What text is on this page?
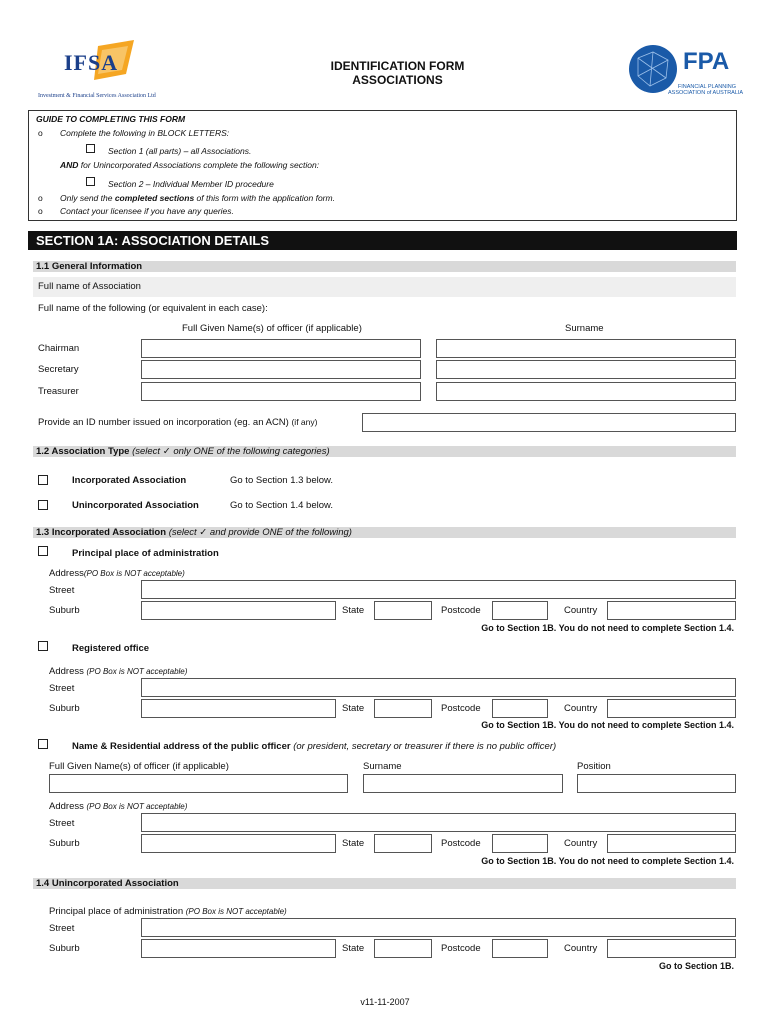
IFSA
Investment & Financial Services Association Ltd
IDENTIFICATION FORM
ASSOCIATIONS
FPA
FINANCIAL PLANNING
ASSOCIATION of AUSTRALIA
GUIDE TO COMPLETING THIS FORM
o Complete the following in BLOCK LETTERS:
Section 1 (all parts) – all Associations.
AND for Unincorporated Associations complete the following section:
Section 2 – Individual Member ID procedure
o Only send the completed sections of this form with the application form.
o Contact your licensee if you have any queries.
SECTION 1A: ASSOCIATION DETAILS
1.1 General Information
Full name of Association
Full name of the following (or equivalent in each case):
Full Given Name(s) of officer (if applicable)	Surname
Chairman
Secretary
Treasurer
Provide an ID number issued on incorporation (eg. an ACN) (if any)
1.2 Association Type (select ✓ only ONE of the following categories)
Incorporated Association	Go to Section 1.3 below.
Unincorporated Association	Go to Section 1.4 below.
1.3 Incorporated Association (select ✓ and provide ONE of the following)
Principal place of administration
Address(PO Box is NOT acceptable)
Street
Suburb	State	Postcode	Country
Go to Section 1B. You do not need to complete Section 1.4.
Registered office
Address (PO Box is NOT acceptable)
Street
Suburb	State	Postcode	Country
Go to Section 1B. You do not need to complete Section 1.4.
Name & Residential address of the public officer (or president, secretary or treasurer if there is no public officer)
Full Given Name(s) of officer (if applicable)	Surname	Position
Address (PO Box is NOT acceptable)
Street
Suburb	State	Postcode	Country
Go to Section 1B. You do not need to complete Section 1.4.
1.4 Unincorporated Association
Principal place of administration (PO Box is NOT acceptable)
Street
Suburb	State	Postcode	Country
Go to Section 1B.
v11-11-2007
